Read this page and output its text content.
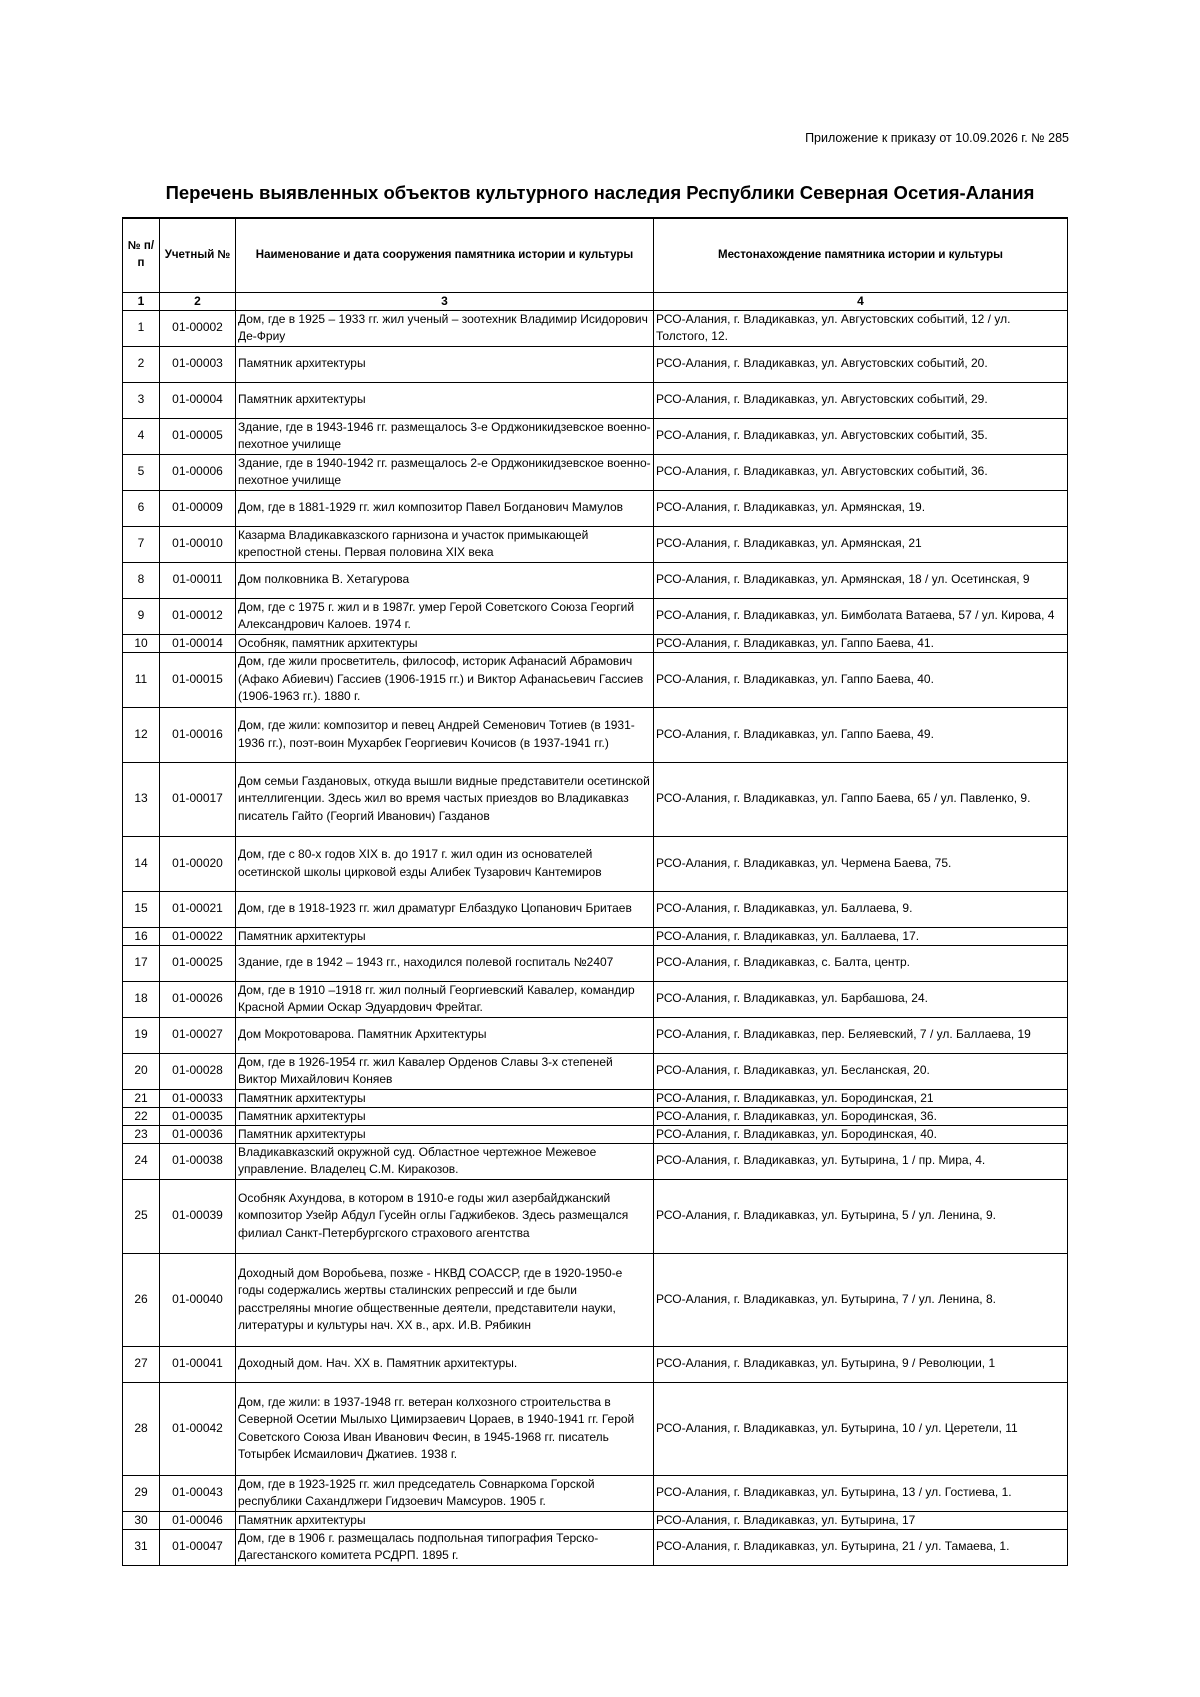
Приложение к приказу от 10.09.2026 г. № 285
Перечень выявленных объектов культурного наследия Республики Северная Осетия-Алания
№ п/п	Учетный №	Наименование и дата сооружения памятника истории и культуры	Местонахождение памятника истории и культуры
1	2	3	4
1	01-00002	Дом, где в 1925 – 1933 гг. жил ученый – зоотехник Владимир Исидорович Де-Фриу	РСО-Алания, г. Владикавказ, ул. Августовских событий, 12 / ул. Толстого, 12.
2	01-00003	Памятник архитектуры	РСО-Алания, г. Владикавказ, ул. Августовских событий, 20.
3	01-00004	Памятник архитектуры	РСО-Алания, г. Владикавказ, ул. Августовских событий, 29.
4	01-00005	Здание, где в 1943-1946 гг. размещалось 3-е Орджоникидзевское военно-пехотное училище	РСО-Алания, г. Владикавказ, ул. Августовских событий, 35.
5	01-00006	Здание, где в 1940-1942 гг. размещалось 2-е Орджоникидзевское военно-пехотное училище	РСО-Алания, г. Владикавказ, ул. Августовских событий, 36.
6	01-00009	Дом, где в 1881-1929 гг. жил композитор Павел Богданович Мамулов	РСО-Алания, г. Владикавказ, ул. Армянская, 19.
7	01-00010	Казарма Владикавказского гарнизона и участок примыкающей крепостной стены. Первая половина XIX века	РСО-Алания, г. Владикавказ, ул. Армянская, 21
8	01-00011	Дом полковника В. Хетагурова	РСО-Алания, г. Владикавказ, ул. Армянская, 18 / ул. Осетинская, 9
9	01-00012	Дом, где с 1975 г. жил и в 1987г. умер Герой Советского Союза Георгий Александрович Калоев. 1974 г.	РСО-Алания, г. Владикавказ, ул. Бимболата Ватаева, 57 / ул. Кирова, 4
10	01-00014	Особняк, памятник архитектуры	РСО-Алания, г. Владикавказ, ул. Гаппо Баева, 41.
11	01-00015	Дом, где жили просветитель, философ, историк Афанасий Абрамович (Афако Абиевич) Гассиев (1906-1915 гг.) и Виктор Афанасьевич Гассиев (1906-1963 гг.). 1880 г.	РСО-Алания, г. Владикавказ, ул. Гаппо Баева, 40.
12	01-00016	Дом, где жили: композитор и певец Андрей Семенович Тотиев (в 1931-1936 гг.), поэт-воин Мухарбек Георгиевич Кочисов (в 1937-1941 гг.)	РСО-Алания, г. Владикавказ, ул. Гаппо Баева, 49.
13	01-00017	Дом семьи Газдановых, откуда вышли видные представители осетинской интеллигенции. Здесь жил во время частых приездов во Владикавказ писатель Гайто (Георгий Иванович) Газданов	РСО-Алания, г. Владикавказ, ул. Гаппо Баева, 65 / ул. Павленко, 9.
14	01-00020	Дом, где с 80-х годов XIX в. до 1917 г. жил один из основателей осетинской школы цирковой езды Алибек Тузарович Кантемиров	РСО-Алания, г. Владикавказ, ул. Чермена Баева, 75.
15	01-00021	Дом, где в 1918-1923 гг. жил драматург Елбаздуко Цопанович Бритаев	РСО-Алания, г. Владикавказ, ул. Баллаева, 9.
16	01-00022	Памятник архитектуры	РСО-Алания, г. Владикавказ, ул. Баллаева, 17.
17	01-00025	Здание, где в 1942 – 1943 гг., находился полевой госпиталь №2407	РСО-Алания, г. Владикавказ, с. Балта, центр.
18	01-00026	Дом, где в 1910 –1918 гг. жил полный Георгиевский Кавалер, командир Красной Армии Оскар Эдуардович Фрейтаг.	РСО-Алания, г. Владикавказ, ул. Барбашова, 24.
19	01-00027	Дом Мокротоварова. Памятник Архитектуры	РСО-Алания, г. Владикавказ, пер. Беляевский, 7 / ул. Баллаева, 19
20	01-00028	Дом, где в 1926-1954 гг. жил Кавалер Орденов Славы 3-х степеней Виктор Михайлович Коняев	РСО-Алания, г. Владикавказ, ул. Бесланская, 20.
21	01-00033	Памятник архитектуры	РСО-Алания, г. Владикавказ, ул. Бородинская, 21
22	01-00035	Памятник архитектуры	РСО-Алания, г. Владикавказ, ул. Бородинская, 36.
23	01-00036	Памятник архитектуры	РСО-Алания, г. Владикавказ, ул. Бородинская, 40.
24	01-00038	Владикавказский окружной суд. Областное чертежное Межевое управление. Владелец С.М. Киракозов.	РСО-Алания, г. Владикавказ, ул. Бутырина, 1 / пр. Мира, 4.
25	01-00039	Особняк Ахундова, в котором в 1910-е годы жил азербайджанский композитор Узейр Абдул Гусейн оглы Гаджибеков. Здесь размещался филиал Санкт-Петербургского страхового агентства	РСО-Алания, г. Владикавказ, ул. Бутырина, 5 / ул. Ленина, 9.
26	01-00040	Доходный дом Воробьева, позже - НКВД СОАССР, где в 1920-1950-е годы содержались жертвы сталинских репрессий и где были расстреляны многие общественные деятели, представители науки, литературы и культуры нач. XX в., арх. И.В. Рябикин	РСО-Алания, г. Владикавказ, ул. Бутырина, 7 / ул. Ленина, 8.
27	01-00041	Доходный дом. Нач. XX в. Памятник архитектуры.	РСО-Алания, г. Владикавказ, ул. Бутырина, 9 / Революции, 1
28	01-00042	Дом, где жили: в 1937-1948 гг. ветеран колхозного строительства в Северной Осетии Мылыхо Цимирзаевич Цораев, в 1940-1941 гг. Герой Советского Союза Иван Иванович Фесин, в 1945-1968 гг. писатель Тотырбек Исмаилович Джатиев. 1938 г.	РСО-Алания, г. Владикавказ, ул. Бутырина, 10 / ул. Церетели, 11
29	01-00043	Дом, где в 1923-1925 гг. жил председатель Совнаркома Горской республики Сахандлжери Гидзоевич Мамсуров. 1905 г.	РСО-Алания, г. Владикавказ, ул. Бутырина, 13 / ул. Гостиева, 1.
30	01-00046	Памятник архитектуры	РСО-Алания, г. Владикавказ, ул. Бутырина, 17
31	01-00047	Дом, где в 1906 г. размещалась подпольная типография Терско-Дагестанского комитета РСДРП. 1895 г.	РСО-Алания, г. Владикавказ, ул. Бутырина, 21 / ул. Тамаева, 1.
